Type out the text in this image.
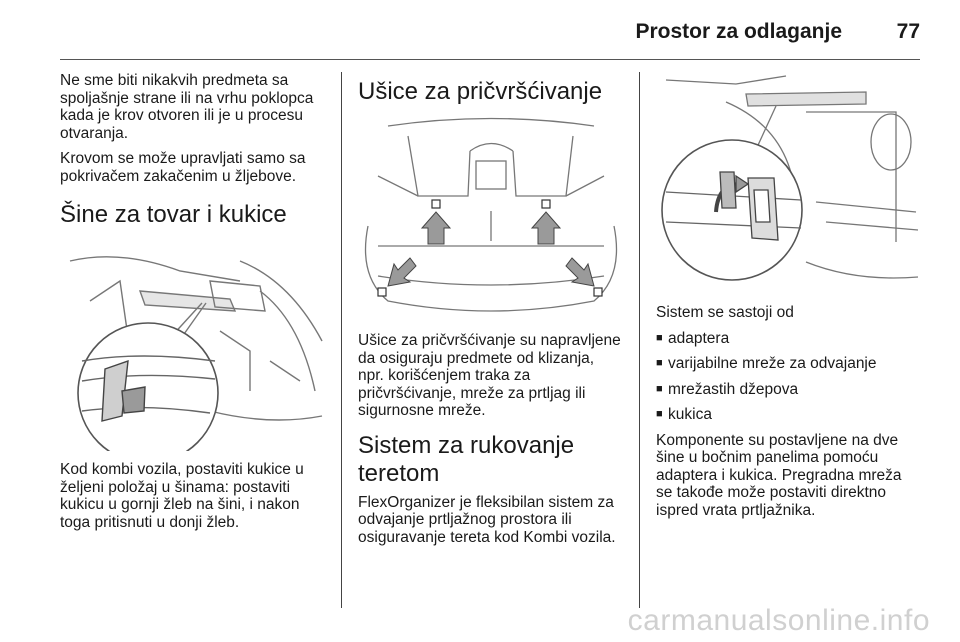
Prostor za odlaganje	77

Ne sme biti nikakvih predmeta sa spoljašnje strane ili na vrhu poklopca kada je krov otvoren ili je u procesu otvaranja.

Krovom se može upravljati samo sa pokrivačem zakačenim u žljebove.

Šine za tovar i kukice

Kod kombi vozila, postaviti kukice u željeni položaj u šinama: postaviti kukicu u gornji žleb na šini, i nakon toga pritisnuti u donji žleb.

Ušice za pričvršćivanje

Ušice za pričvršćivanje su napravljene da osiguraju predmete od klizanja, npr. korišćenjem traka za pričvršćivanje, mreže za prtljag ili sigurnosne mreže.

Sistem za rukovanje teretom

FlexOrganizer je fleksibilan sistem za odvajanje prtljažnog prostora ili osiguravanje tereta kod Kombi vozila.

Sistem se sastoji od

■ adaptera
■ varijabilne mreže za odvajanje
■ mrežastih džepova
■ kukica

Komponente su postavljene na dve šine u bočnim panelima pomoću adaptera i kukica. Pregradna mreža se takođe može postaviti direktno ispred vrata prtljažnika.

carmanualsonline.info
